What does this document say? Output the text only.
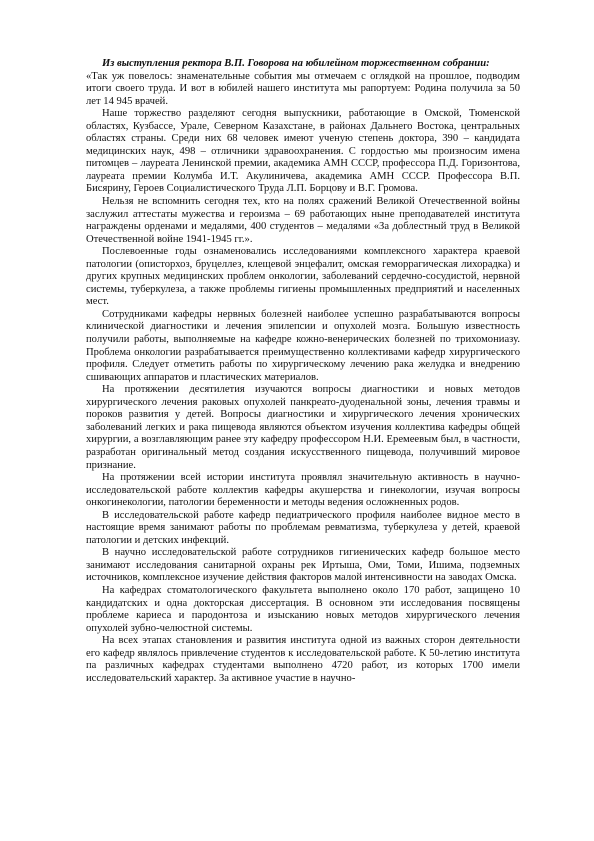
Из выступления ректора В.П. Говорова на юбилейном торжественном собрании:

«Так уж повелось: знаменательные события мы отмечаем с оглядкой на прошлое, подводим итоги своего труда. И вот в юбилей нашего института мы рапортуем: Родина получила за 50 лет 14 945 врачей.

Наше торжество разделяют сегодня выпускники, работающие в Омской, Тюменской областях, Кузбассе, Урале, Северном Казахстане, в районах Дальнего Востока, центральных областях страны. Среди них 68 человек имеют ученую степень доктора, 390 – кандидата медицинских наук, 498 – отличники здравоохранения. С гордостью мы произносим имена питомцев – лауреата Ленинской премии, академика АМН СССР, профессора П.Д. Горизонтова, лауреата премии Колумба И.Т. Акулиничева, академика АМН СССР. Профессора В.П. Бисярину, Героев Социалистического Труда Л.П. Борцову и В.Г. Громова.

Нельзя не вспомнить сегодня тех, кто на полях сражений Великой Отечественной войны заслужил аттестаты мужества и героизма – 69 работающих ныне преподавателей института награждены орденами и медалями, 400 студентов – медалями «За доблестный труд в Великой Отечественной войне 1941-1945 гг.».

Послевоенные годы ознаменовались исследованиями комплексного характера краевой патологии (описторхоз, бруцеллез, клещевой энцефалит, омская геморрагическая лихорадка) и другиx крупных медицинских проблем онкологии, заболеваний сердечно-сосудистой, нервной системы, туберкулеза, а также проблемы гигиены промышленных предприятий и населенных мест.

Сотрудниками кафедры нервных болезней наиболее успешно разрабатываются вопросы клинической диагностики и лечения эпилепсии и опухолей мозга. Большую известность получили работы, выполняемые на кафедре кожно-венерических болезней по трихомониазу. Проблема онкологии разрабатывается преимущественно коллективами кафедр хирургического профиля. Следует отметить работы по хирургическому лечению рака желудка и внедрению сшивающих аппаратов и пластических материалов.

На протяжении десятилетия изучаются вопросы диагностики и новых методов хирургического лечения раковых опухолей панкреато-дуоденальной зоны, лечения травмы и пороков развития у детей. Вопросы диагностики и хирургического лечения хронических заболеваний легких и рака пищевода являются объектом изучения коллектива кафедры общей хирургии, а возглавляющим ранее эту кафедру профессором Н.И. Еремеевым был, в частности, разработан оригинальный метод создания искусственного пищевода, получивший мировое признание.

На протяжении всей истории института проявлял значительную активность в научно-исследовательской работе коллектив кафедры акушерства и гинекологии, изучая вопросы онкогинекологии, патологии беременности и методы ведения осложненных родов.

В исследовательской работе кафедр педиатрического профиля наиболее видное место в настоящие время занимают работы по проблемам ревматизма, туберкулеза у детей, краевой патологии и детских инфекций.

В научно исследовательской работе сотрудников гигиенических кафедр большое место занимают исследования санитарной охраны рек Иртыша, Оми, Томи, Ишима, подземных источников, комплексное изучение действия факторов малой интенсивности на заводах Омска.

На кафедрах стоматологического факультета выполнено около 170 работ, защищено 10 кандидатских и одна докторская диссертация. В основном эти исследования посвящены проблеме кариеса и пародонтоза и изысканию новых методов хирургического лечения опухолей зубно-челюстной системы.

На всех этапах становления и развития института одной из важных сторон деятельности его кафедр являлось привлечение студентов к исследовательской работе. К 50-летию института па различных кафедрах студентами выполнено 4720 работ, из которых 1700 имели исследовательский характер. За активное участие в научно-
